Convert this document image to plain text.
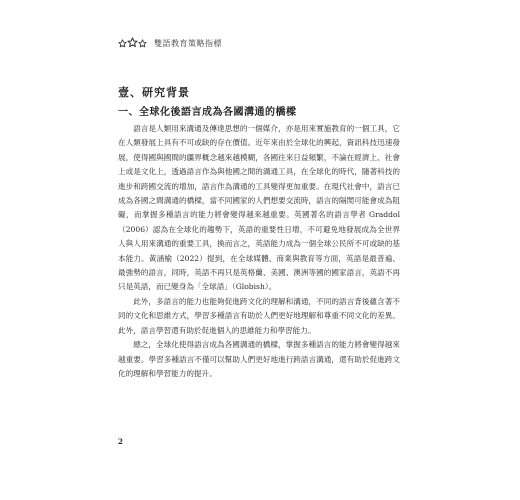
雙語教育策略指標
壹、研究背景
一、全球化後語言成為各國溝通的橋樑

語言是人類用來溝通及傳達思想的一個媒介，亦是用來實施教育的一個工具，它在人類發展上具有不可或缺的存在價值。近年來由於全球化的興起，資訊科技迅速發展，使得國與國間的疆界概念越來越模糊，各國往來日益頻繁，不論在經濟上、社會上或是文化上，透過語言作為與他國之間的溝通工具，在全球化的時代，隨著科技的進步和跨國交流的增加，語言作為溝通的工具變得更加重要。在現代社會中，語言已成為各國之間溝通的橋樑，當不同國家的人們想要交流時，語言的隔閡可能會成為阻礙，而掌握多種語言的能力將會變得越來越重要。英國著名的語言學者 Graddol（2006）認為在全球化的趨勢下，英語的重要性日增，不可避免地發展成為全世界人與人用來溝通的重要工具，換而言之，英語能力成為一個全球公民所不可或缺的基本能力。黃涵榆（2022）提到，在全球媒體、商業與教育等方面，英語是最普遍、最強勢的語言，同時，英語不再只是英格蘭、美國、澳洲等國的國家語言，英語不再只是英語，而已變身為「全球語」（Globish）。

此外，多語言的能力也能夠促進跨文化的理解和溝通，不同的語言背後蘊含著不同的文化和思維方式，學習多種語言有助於人們更好地理解和尊重不同文化的差異。此外，語言學習還有助於促進個人的思維能力和學習能力。

總之，全球化使得語言成為各國溝通的橋樑，掌握多種語言的能力將會變得越來越重要。學習多種語言不僅可以幫助人們更好地進行跨語言溝通，還有助於促進跨文化的理解和學習能力的提升。

2
